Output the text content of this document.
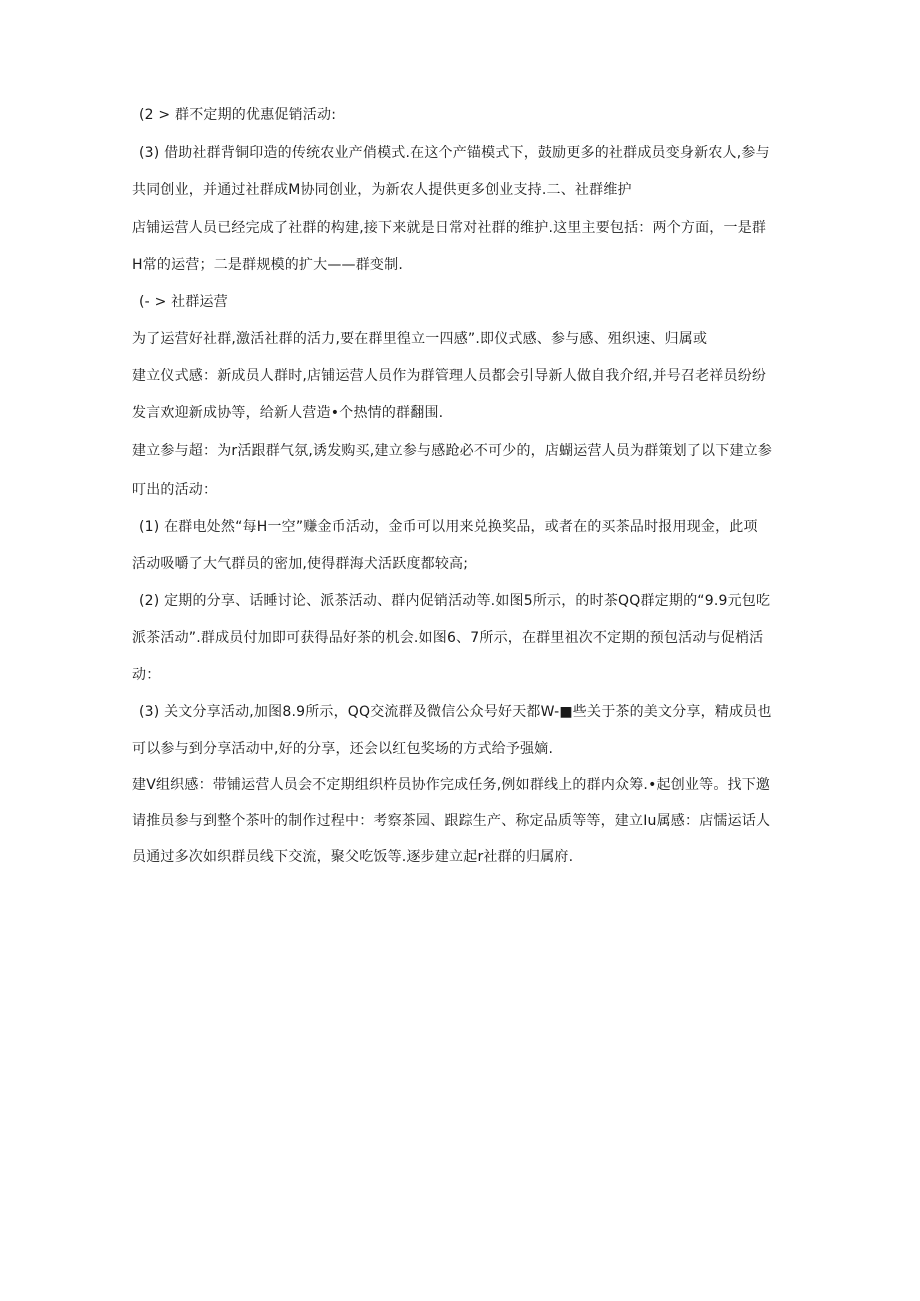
(2 > 群不定期的优惠促销活动:
(3) 借助社群背铜印造的传统农业产俏模式.在这个产锚模式下，鼓励更多的社群成员变身新农人,参与
共同创业，并通过社群成M协同创业，为新农人提供更多创业支持.二、社群维护
店铺运营人员已经完成了社群的构建,接下来就是日常对社群的维护.这里主要包括：两个方面，一是群
H常的运营；二是群规模的扩大——群变制.
(- > 社群运营
为了运营好社群,激活社群的活力,要在群里徨立一四感”.即仪式感、参与感、殂织速、归属或
建立仪式感：新成员人群时,店铺运营人员作为群管理人员都会引导新人做自我介绍,并号召老祥员纷纷
发言欢迎新成协等，给新人营造•个热情的群翻围.
建立参与超：为r活跟群气氛,诱发购买,建立参与感跄必不可少的，店蝴运营人员为群策划了以下建立参
叮出的活动：
(1) 在群电处然“每H一空”赚金币活动，金币可以用来兑换奖品，或者在的买茶品时报用现金，此项
活动吸嚼了大气群员的密加,使得群海犬活跃度都较高;
(2) 定期的分享、话睡讨论、派茶活动、群内促销活动等.如图5所示，的时茶QQ群定期的“9.9元包吃
派茶活动”.群成员付加即可获得品好茶的机会.如图6、7所示，在群里祖次不定期的预包活动与促梢活
动：
(3) 关文分享活动,加图8.9所示，QQ交流群及微信公众号好天都W-■些关于茶的美文分享，精成员也
可以参与到分享活动中,好的分享，还会以红包奖场的方式给予强嫡.
建V组织感：带铺运营人员会不定期组织杵员协作完成任务,例如群线上的群内众筹.•起创业等。找下邀
请推员参与到整个茶叶的制作过程中：考察茶园、跟踪生产、称定品质等等，建立Iu属感：店懦运话人
员通过多次如织群员线下交流，聚父吃饭等.逐步建立起r社群的归属府.
